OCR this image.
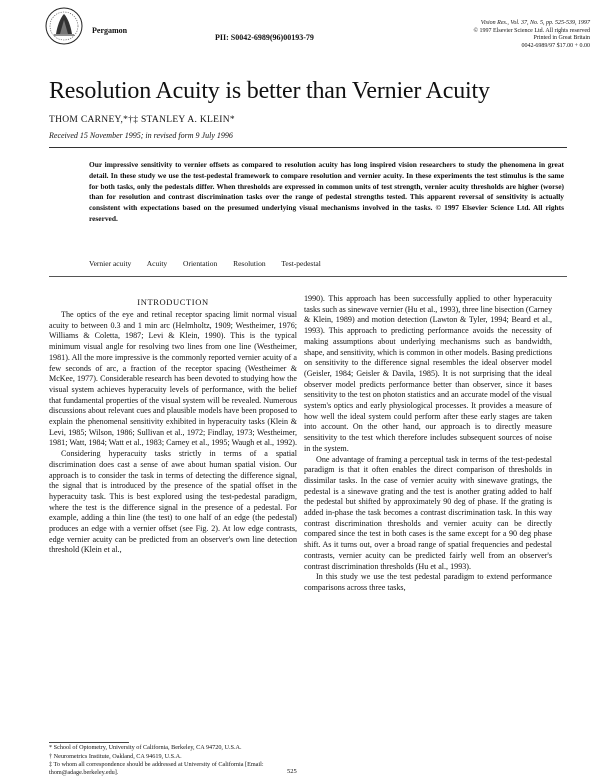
Pergamon
PII: S0042-6989(96)00193-79
Vision Res., Vol. 37, No. 5, pp. 525-539, 1997
© 1997 Elsevier Science Ltd. All rights reserved
Printed in Great Britain
0042-6989/97 $17.00 + 0.00
Resolution Acuity is better than Vernier Acuity
THOM CARNEY,*†‡ STANLEY A. KLEIN*
Received 15 November 1995; in revised form 9 July 1996
Our impressive sensitivity to vernier offsets as compared to resolution acuity has long inspired vision researchers to study the phenomena in great detail. In these study we use the test-pedestal framework to compare resolution and vernier acuity. In these experiments the test stimulus is the same for both tasks, only the pedestals differ. When thresholds are expressed in common units of test strength, vernier acuity thresholds are higher (worse) than for resolution and contrast discrimination tasks over the range of pedestal strengths tested. This apparent reversal of sensitivity is actually consistent with expectations based on the presumed underlying visual mechanisms involved in the tasks. © 1997 Elsevier Science Ltd. All rights reserved.
Vernier acuity Acuity Orientation Resolution Test-pedestal
INTRODUCTION

The optics of the eye and retinal receptor spacing limit normal visual acuity to between 0.3 and 1 min arc (Helmholtz, 1909; Westheimer, 1976; Williams & Coletta, 1987; Levi & Klein, 1990). This is the typical minimum visual angle for resolving two lines from one line (Westheimer, 1981). All the more impressive is the commonly reported vernier acuity of a few seconds of arc, a fraction of the receptor spacing (Westheimer & McKee, 1977). Considerable research has been devoted to studying how the visual system achieves hyperacuity levels of performance, with the belief that fundamental properties of the visual system will be revealed. Numerous discussions about relevant cues and plausible models have been proposed to explain the phenomenal sensitivity exhibited in hyperacuity tasks (Klein & Levi, 1985; Wilson, 1986; Sullivan et al., 1972; Findlay, 1973; Westheimer, 1981; Watt, 1984; Watt et al., 1983; Carney et al., 1995; Waugh et al., 1992).

Considering hyperacuity tasks strictly in terms of a spatial discrimination does cast a sense of awe about human spatial vision. Our approach is to consider the task in terms of detecting the difference signal, the signal that is introduced by the presence of the spatial offset in the hyperacuity task. This is best explored using the test-pedestal paradigm, where the test is the difference signal in the presence of a pedestal. For example, adding a thin line (the test) to one half of an edge (the pedestal) produces an edge with a vernier offset (see Fig. 2). At low edge contrasts, edge vernier acuity can be predicted from an observer's own line detection threshold (Klein et al.,

1990). This approach has been successfully applied to other hyperacuity tasks such as sinewave vernier (Hu et al., 1993), three line bisection (Carney & Klein, 1989) and motion detection (Lawton & Tyler, 1994; Beard et al., 1993). This approach to predicting performance avoids the necessity of making assumptions about underlying mechanisms such as bandwidth, shape, and sensitivity, which is common in other models. Basing predictions on sensitivity to the difference signal resembles the ideal observer model (Geisler, 1984; Geisler & Davila, 1985). It is not surprising that the ideal observer model predicts performance better than observer, since it bases sensitivity to the test on photon statistics and an accurate model of the visual system's optics and early physiological processes. It provides a measure of how well the ideal system could perform after these early stages are taken into account. On the other hand, our approach is to directly measure sensitivity to the test which therefore includes subsequent sources of noise in the system.

One advantage of framing a perceptual task in terms of the test-pedestal paradigm is that it often enables the direct comparison of thresholds in dissimilar tasks. In the case of vernier acuity with sinewave gratings, the pedestal is a sinewave grating and the test is another grating added to half the pedestal but shifted by approximately 90 deg of phase. If the grating is added in-phase the task becomes a contrast discrimination task. In this way contrast discrimination thresholds and vernier acuity can be directly compared since the test in both cases is the same except for a 90 deg phase shift. As it turns out, over a broad range of spatial frequencies and pedestal contrasts, vernier acuity can be predicted fairly well from an observer's contrast discrimination thresholds (Hu et al., 1993).

In this study we use the test pedestal paradigm to extend performance comparisons across three tasks,

* School of Optometry, University of California, Berkeley, CA 94720, U.S.A.
† Neurometrics Institute, Oakland, CA 94619, U.S.A.
‡ To whom all correspondence should be addressed at University of California [Email: thom@adage.berkeley.edu].	525
